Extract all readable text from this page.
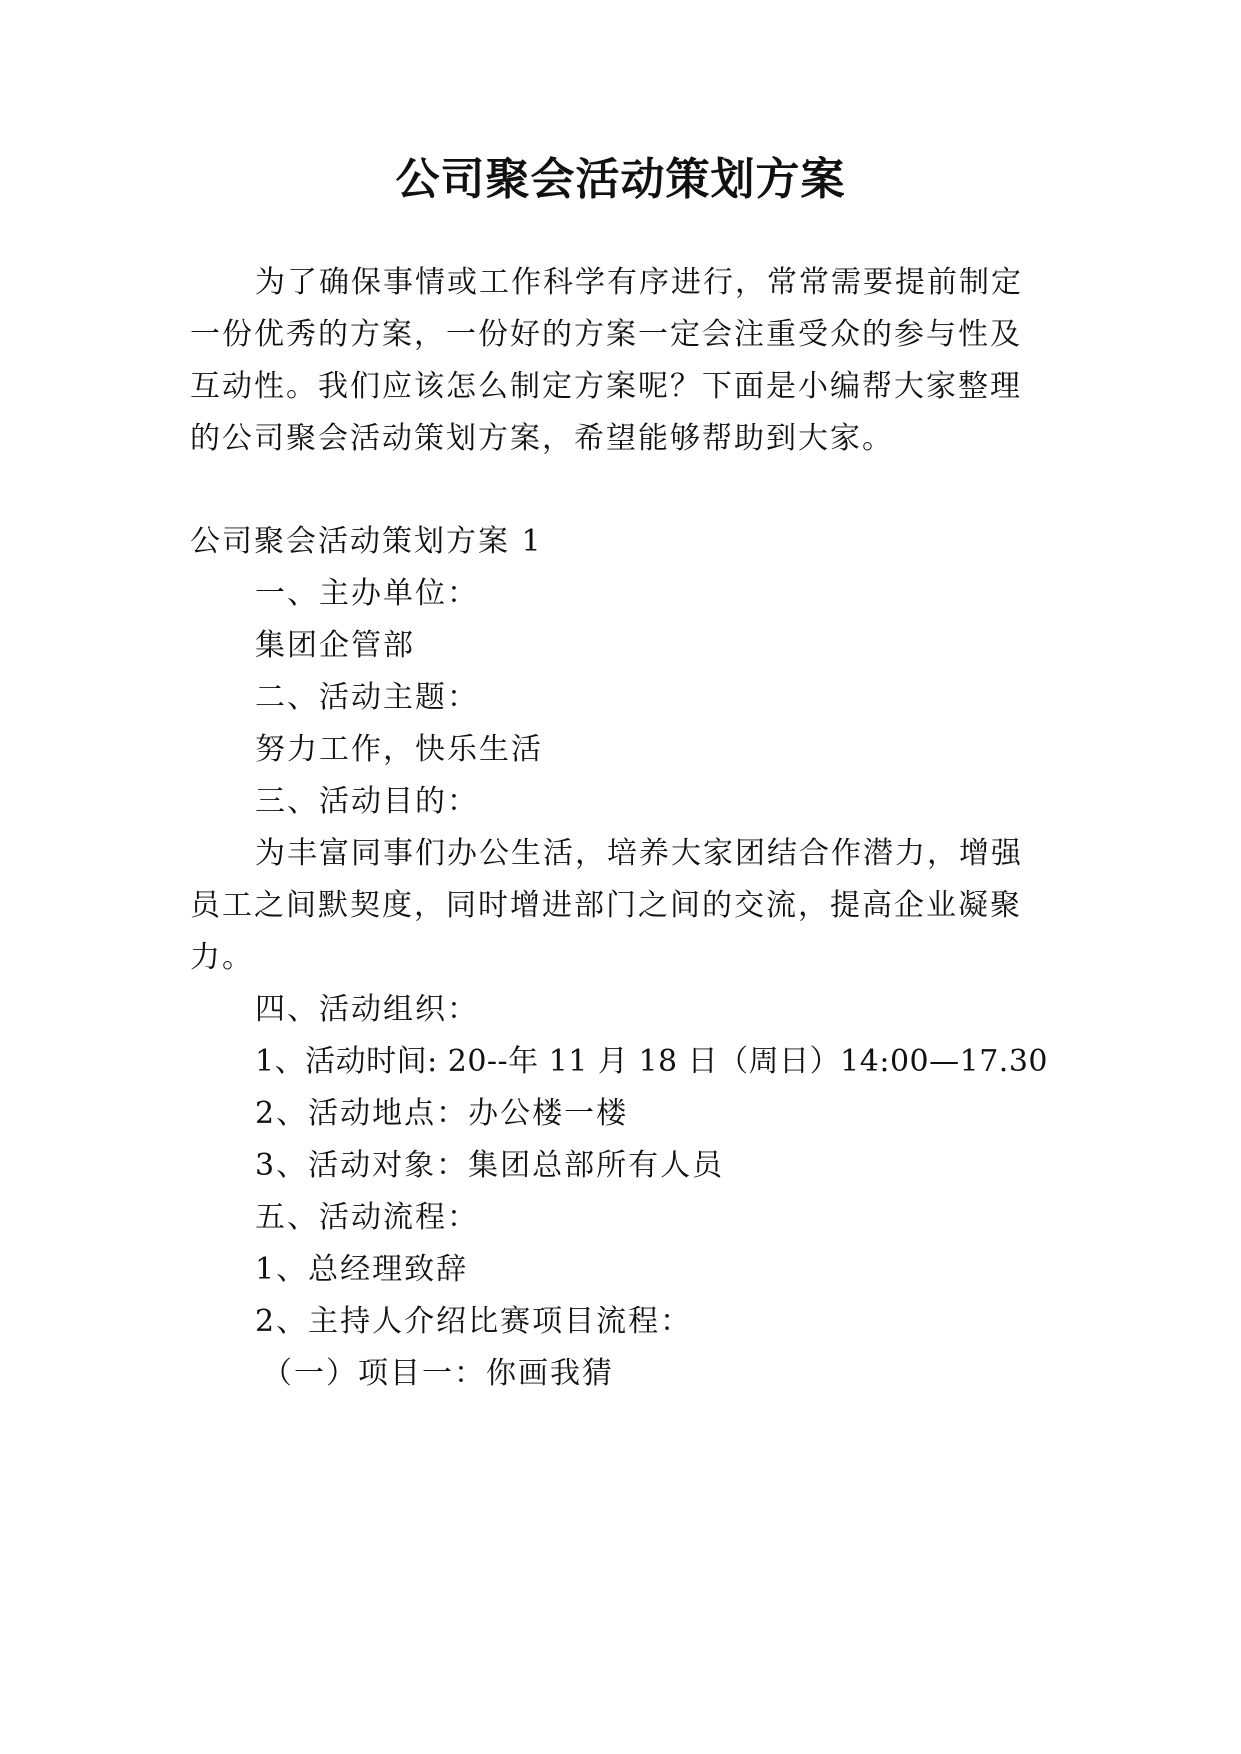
公司聚会活动策划方案
为了确保事情或工作科学有序进行，常常需要提前制定
一份优秀的方案，一份好的方案一定会注重受众的参与性及
互动性。我们应该怎么制定方案呢？下面是小编帮大家整理
的公司聚会活动策划方案，希望能够帮助到大家。
公司聚会活动策划方案 1
一、主办单位：
集团企管部
二、活动主题：
努力工作，快乐生活
三、活动目的：
为丰富同事们办公生活，培养大家团结合作潜力，增强
员工之间默契度，同时增进部门之间的交流，提高企业凝聚
力。
四、活动组织：
1、活动时间: 20--年 11 月 18 日（周日）14:00—17.30
2、活动地点：办公楼一楼
3、活动对象：集团总部所有人员
五、活动流程：
1、总经理致辞
2、主持人介绍比赛项目流程：
（一）项目一：你画我猜
